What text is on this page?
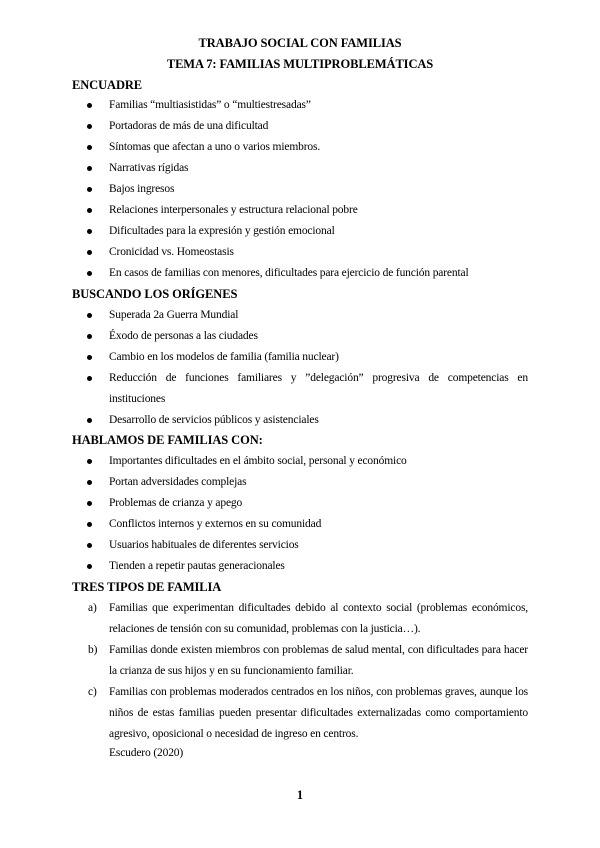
TRABAJO SOCIAL CON FAMILIAS
TEMA 7: FAMILIAS MULTIPROBLEMÁTICAS
ENCUADRE
Familias “multiasistidas” o “multiestresadas”
Portadoras de más de una dificultad
Síntomas que afectan a uno o varios miembros.
Narrativas rígidas
Bajos ingresos
Relaciones interpersonales y estructura relacional pobre
Dificultades para la expresión y gestión emocional
Cronicidad vs. Homeostasis
En casos de familias con menores, dificultades para ejercicio de función parental
BUSCANDO LOS ORÍGENES
Superada 2a Guerra Mundial
Éxodo de personas a las ciudades
Cambio en los modelos de familia (familia nuclear)
Reducción de funciones familiares y ”delegación” progresiva de competencias en instituciones
Desarrollo de servicios públicos y asistenciales
HABLAMOS DE FAMILIAS CON:
Importantes dificultades en el ámbito social, personal y económico
Portan adversidades complejas
Problemas de crianza y apego
Conflictos internos y externos en su comunidad
Usuarios habituales de diferentes servicios
Tienden a repetir pautas generacionales
TRES TIPOS DE FAMILIA
a) Familias que experimentan dificultades debido al contexto social (problemas económicos, relaciones de tensión con su comunidad, problemas con la justicia…).
b) Familias donde existen miembros con problemas de salud mental, con dificultades para hacer la crianza de sus hijos y en su funcionamiento familiar.
c) Familias con problemas moderados centrados en los niños, con problemas graves, aunque los niños de estas familias pueden presentar dificultades externalizadas como comportamiento agresivo, oposicional o necesidad de ingreso en centros.
Escudero (2020)
1
